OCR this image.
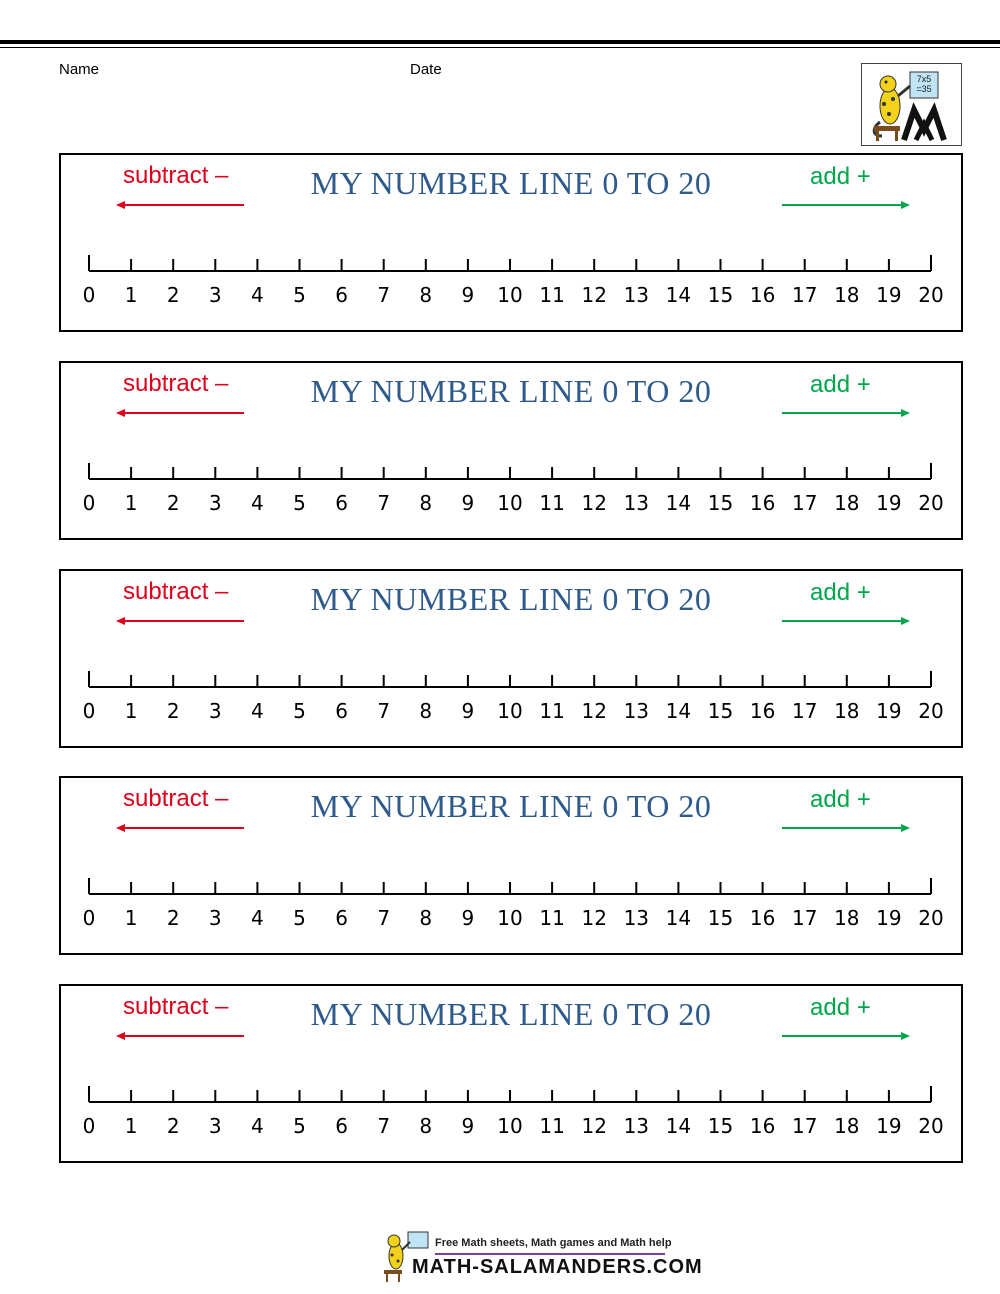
Name	Date
7x5
=35
subtract –	MY NUMBER LINE 0 TO 20	add +
0 1 2 3 4 5 6 7 8 9 10 11 12 13 14 15 16 17 18 19 20
subtract –	MY NUMBER LINE 0 TO 20	add +
0 1 2 3 4 5 6 7 8 9 10 11 12 13 14 15 16 17 18 19 20
subtract –	MY NUMBER LINE 0 TO 20	add +
0 1 2 3 4 5 6 7 8 9 10 11 12 13 14 15 16 17 18 19 20
subtract –	MY NUMBER LINE 0 TO 20	add +
0 1 2 3 4 5 6 7 8 9 10 11 12 13 14 15 16 17 18 19 20
subtract –	MY NUMBER LINE 0 TO 20	add +
0 1 2 3 4 5 6 7 8 9 10 11 12 13 14 15 16 17 18 19 20
Free Math sheets, Math games and Math help
MATH-SALAMANDERS.COM
